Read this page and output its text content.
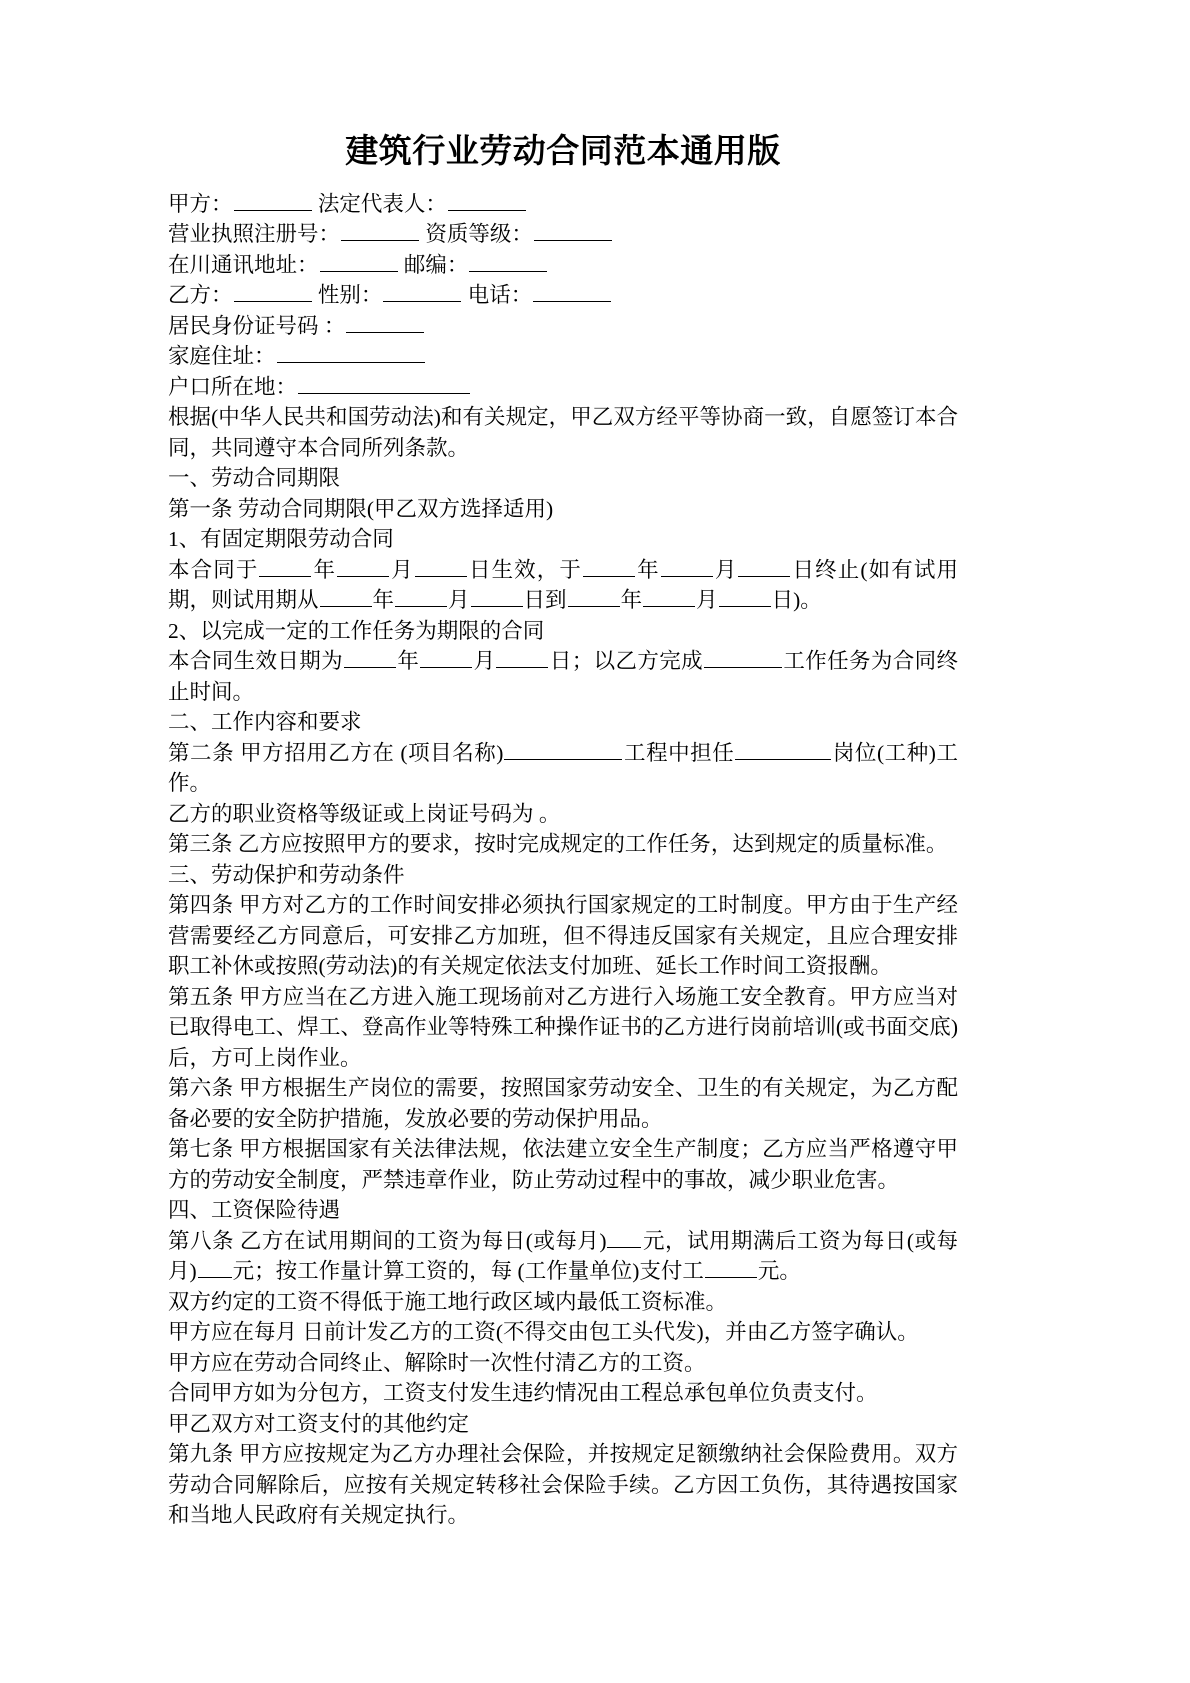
建筑行业劳动合同范本通用版

甲方：	法定代表人：

营业执照注册号：	资质等级：

在川通讯地址：	邮编：

乙方：	性别：	电话：

居民身份证号码 ：

家庭住址：

户口所在地：

根据(中华人民共和国劳动法)和有关规定，甲乙双方经平等协商一致，自愿签订本合同，共同遵守本合同所列条款。

一、劳动合同期限

第一条 劳动合同期限(甲乙双方选择适用)

1、有固定期限劳动合同

本合同于	年	月	日生效，于	年	月	日终止(如有试用期，则试用期从	年	月	日到	年	月	日)。

2、以完成一定的工作任务为期限的合同

本合同生效日期为	年	月	日；以乙方完成	工作任务为合同终止时间。

二、工作内容和要求

第二条 甲方招用乙方在 (项目名称)	工程中担任	岗位(工种)工作。

乙方的职业资格等级证或上岗证号码为 。

第三条 乙方应按照甲方的要求，按时完成规定的工作任务，达到规定的质量标准。

三、劳动保护和劳动条件

第四条 甲方对乙方的工作时间安排必须执行国家规定的工时制度。甲方由于生产经营需要经乙方同意后，可安排乙方加班，但不得违反国家有关规定，且应合理安排职工补休或按照(劳动法)的有关规定依法支付加班、延长工作时间工资报酬。

第五条 甲方应当在乙方进入施工现场前对乙方进行入场施工安全教育。甲方应当对已取得电工、焊工、登高作业等特殊工种操作证书的乙方进行岗前培训(或书面交底)后，方可上岗作业。

第六条 甲方根据生产岗位的需要，按照国家劳动安全、卫生的有关规定，为乙方配备必要的安全防护措施，发放必要的劳动保护用品。

第七条 甲方根据国家有关法律法规，依法建立安全生产制度；乙方应当严格遵守甲方的劳动安全制度，严禁违章作业，防止劳动过程中的事故，减少职业危害。

四、工资保险待遇

第八条 乙方在试用期间的工资为每日(或每月) 元，试用期满后工资为每日(或每月) 元；按工作量计算工资的，每 (工作量单位)支付工	元。

双方约定的工资不得低于施工地行政区域内最低工资标准。

甲方应在每月 日前计发乙方的工资(不得交由包工头代发)，并由乙方签字确认。

甲方应在劳动合同终止、解除时一次性付清乙方的工资。

合同甲方如为分包方，工资支付发生违约情况由工程总承包单位负责支付。

甲乙双方对工资支付的其他约定

第九条 甲方应按规定为乙方办理社会保险，并按规定足额缴纳社会保险费用。双方劳动合同解除后，应按有关规定转移社会保险手续。乙方因工负伤，其待遇按国家和当地人民政府有关规定执行。
